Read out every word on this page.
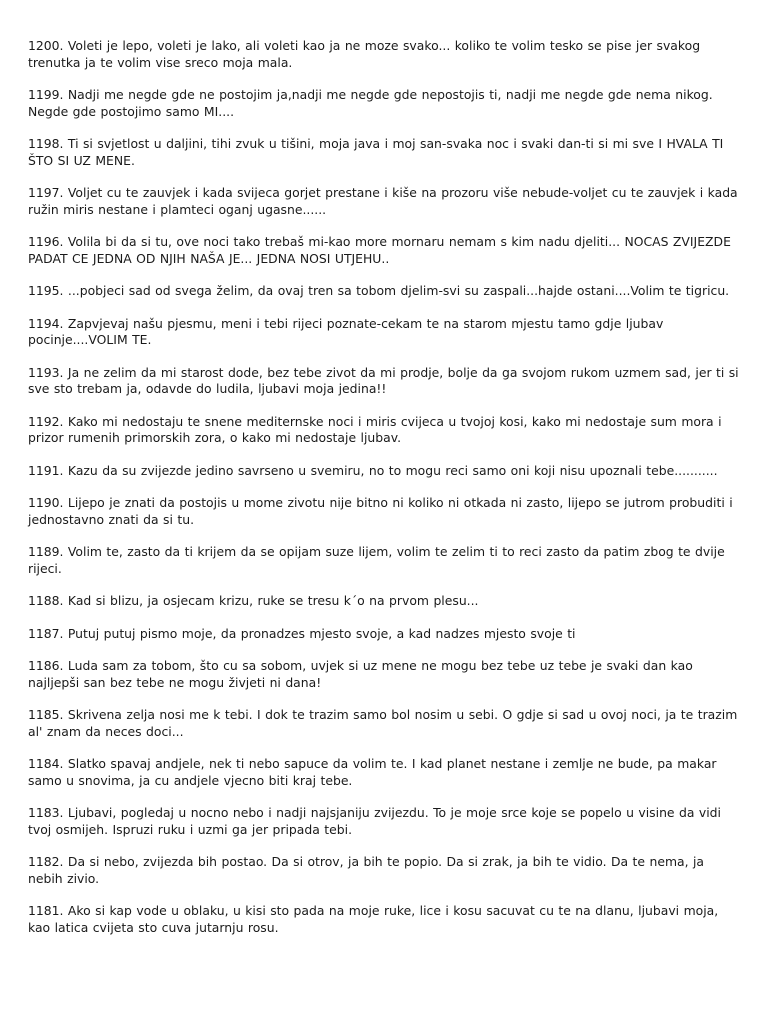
1200. Voleti je lepo, voleti je lako, ali voleti kao ja ne moze svako... koliko te volim tesko se pise jer svakog trenutka ja te volim vise sreco moja mala.

1199. Nadji me negde gde ne postojim ja,nadji me negde gde nepostojis ti, nadji me negde gde nema nikog. Negde gde postojimo samo MI....

1198. Ti si svjetlost u daljini, tihi zvuk u tišini, moja java i moj san-svaka noc i svaki dan-ti si mi sve I HVALA TI ŠTO SI UZ MENE.

1197. Voljet cu te zauvjek i kada svijeca gorjet prestane i kiše na prozoru više nebude-voljet cu te zauvjek i kada ružin miris nestane i plamteci oganj ugasne......

1196. Volila bi da si tu, ove noci tako trebaš mi-kao more mornaru nemam s kim nadu djeliti... NOCAS ZVIJEZDE PADAT CE JEDNA OD NJIH NAŠA JE... JEDNA NOSI UTJEHU..

1195. ...pobjeci sad od svega želim, da ovaj tren sa tobom djelim-svi su zaspali...hajde ostani....Volim te tigricu.

1194. Zapvjevaj našu pjesmu, meni i tebi rijeci poznate-cekam te na starom mjestu tamo gdje ljubav pocinje....VOLIM TE.

1193. Ja ne zelim da mi starost dode, bez tebe zivot da mi prodje, bolje da ga svojom rukom uzmem sad, jer ti si sve sto trebam ja, odavde do ludila, ljubavi moja jedina!!

1192. Kako mi nedostaju te snene mediternske noci i miris cvijeca u tvojoj kosi, kako mi nedostaje sum mora i prizor rumenih primorskih zora, o kako mi nedostaje ljubav.

1191. Kazu da su zvijezde jedino savrseno u svemiru, no to mogu reci samo oni koji nisu upoznali tebe...........

1190. Lijepo je znati da postojis u mome zivotu nije bitno ni koliko ni otkada ni zasto, lijepo se jutrom probuditi i jednostavno znati da si tu.

1189. Volim te, zasto da ti krijem da se opijam suze lijem, volim te zelim ti to reci zasto da patim zbog te dvije rijeci.

1188. Kad si blizu, ja osjecam krizu, ruke se tresu k´o na prvom plesu...

1187. Putuj putuj pismo moje, da pronadzes mjesto svoje, a kad nadzes mjesto svoje ti

1186. Luda sam za tobom, što cu sa sobom, uvjek si uz mene ne mogu bez tebe uz tebe je svaki dan kao najljepši san bez tebe ne mogu živjeti ni dana!

1185. Skrivena zelja nosi me k tebi. I dok te trazim samo bol nosim u sebi. O gdje si sad u ovoj noci, ja te trazim al' znam da neces doci...

1184. Slatko spavaj andjele, nek ti nebo sapuce da volim te. I kad planet nestane i zemlje ne bude, pa makar samo u snovima, ja cu andjele vjecno biti kraj tebe.

1183. Ljubavi, pogledaj u nocno nebo i nadji najsjaniju zvijezdu. To je moje srce koje se popelo u visine da vidi tvoj osmijeh. Ispruzi ruku i uzmi ga jer pripada tebi.

1182. Da si nebo, zvijezda bih postao. Da si otrov, ja bih te popio. Da si zrak, ja bih te vidio. Da te nema, ja nebih zivio.

1181. Ako si kap vode u oblaku, u kisi sto pada na moje ruke, lice i kosu sacuvat cu te na dlanu, ljubavi moja, kao latica cvijeta sto cuva jutarnju rosu.
